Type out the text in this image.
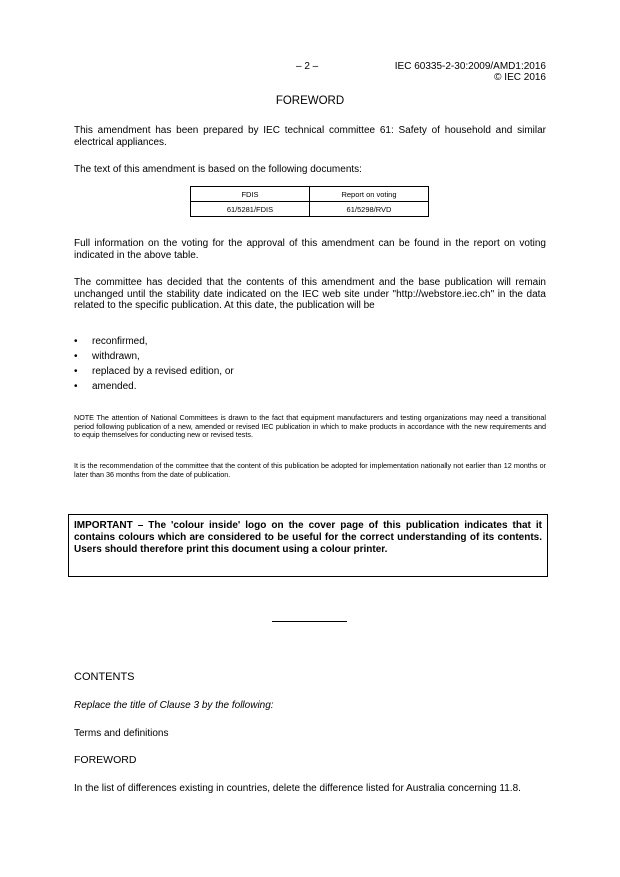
– 2 –	IEC 60335-2-30:2009/AMD1:2016
© IEC 2016
FOREWORD
This amendment has been prepared by IEC technical committee 61: Safety of household and similar electrical appliances.
The text of this amendment is based on the following documents:
FDIS	Report on voting
61/5281/FDIS	61/5298/RVD
Full information on the voting for the approval of this amendment can be found in the report on voting indicated in the above table.
The committee has decided that the contents of this amendment and the base publication will remain unchanged until the stability date indicated on the IEC web site under "http://webstore.iec.ch" in the data related to the specific publication. At this date, the publication will be
• reconfirmed,
• withdrawn,
• replaced by a revised edition, or
• amended.
NOTE The attention of National Committees is drawn to the fact that equipment manufacturers and testing organizations may need a transitional period following publication of a new, amended or revised IEC publication in which to make products in accordance with the new requirements and to equip themselves for conducting new or revised tests.
It is the recommendation of the committee that the content of this publication be adopted for implementation nationally not earlier than 12 months or later than 36 months from the date of publication.
IMPORTANT – The 'colour inside' logo on the cover page of this publication indicates that it contains colours which are considered to be useful for the correct understanding of its contents. Users should therefore print this document using a colour printer.
CONTENTS
Replace the title of Clause 3 by the following:
Terms and definitions
FOREWORD
In the list of differences existing in countries, delete the difference listed for Australia concerning 11.8.
